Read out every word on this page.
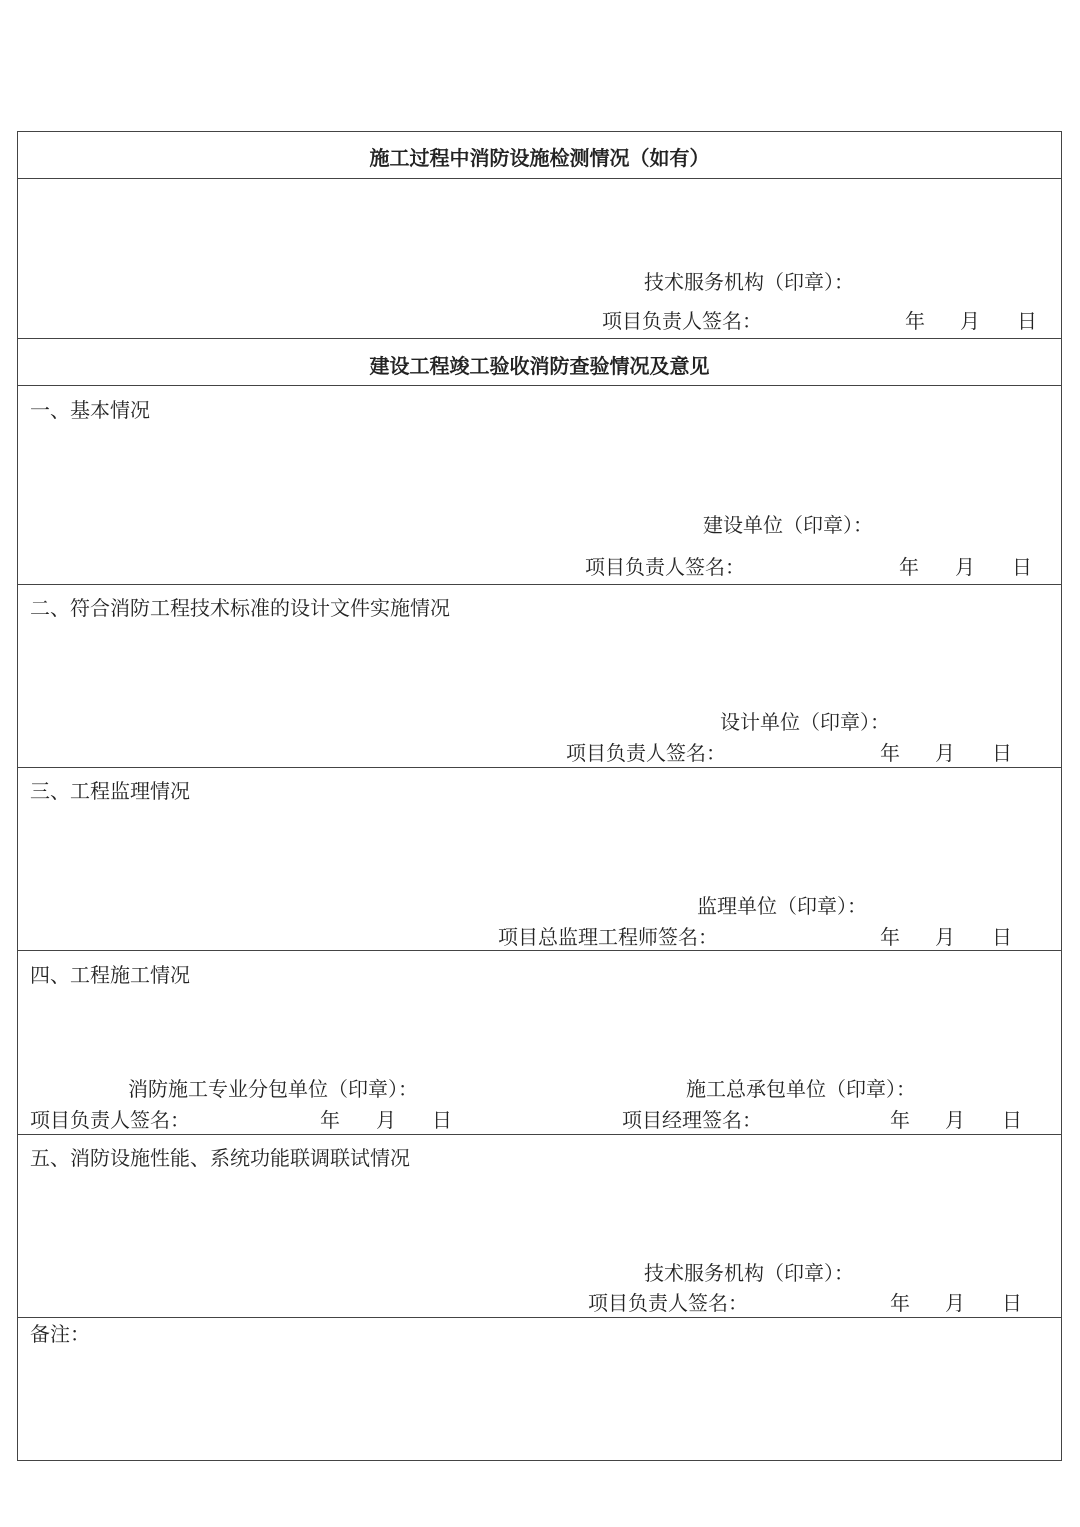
施工过程中消防设施检测情况（如有）
技术服务机构（印章）：
项目负责人签名：	年 月 日
建设工程竣工验收消防查验情况及意见
一、基本情况
建设单位（印章）：
项目负责人签名：	年 月 日
二、符合消防工程技术标准的设计文件实施情况
设计单位（印章）：
项目负责人签名：	年 月 日
三、工程监理情况
监理单位（印章）：
项目总监理工程师签名：	年 月 日
四、工程施工情况
消防施工专业分包单位（印章）：
项目负责人签名：	年 月 日
施工总承包单位（印章）：
项目经理签名：	年 月 日
五、消防设施性能、系统功能联调联试情况
技术服务机构（印章）：
项目负责人签名：	年 月 日
备注：
